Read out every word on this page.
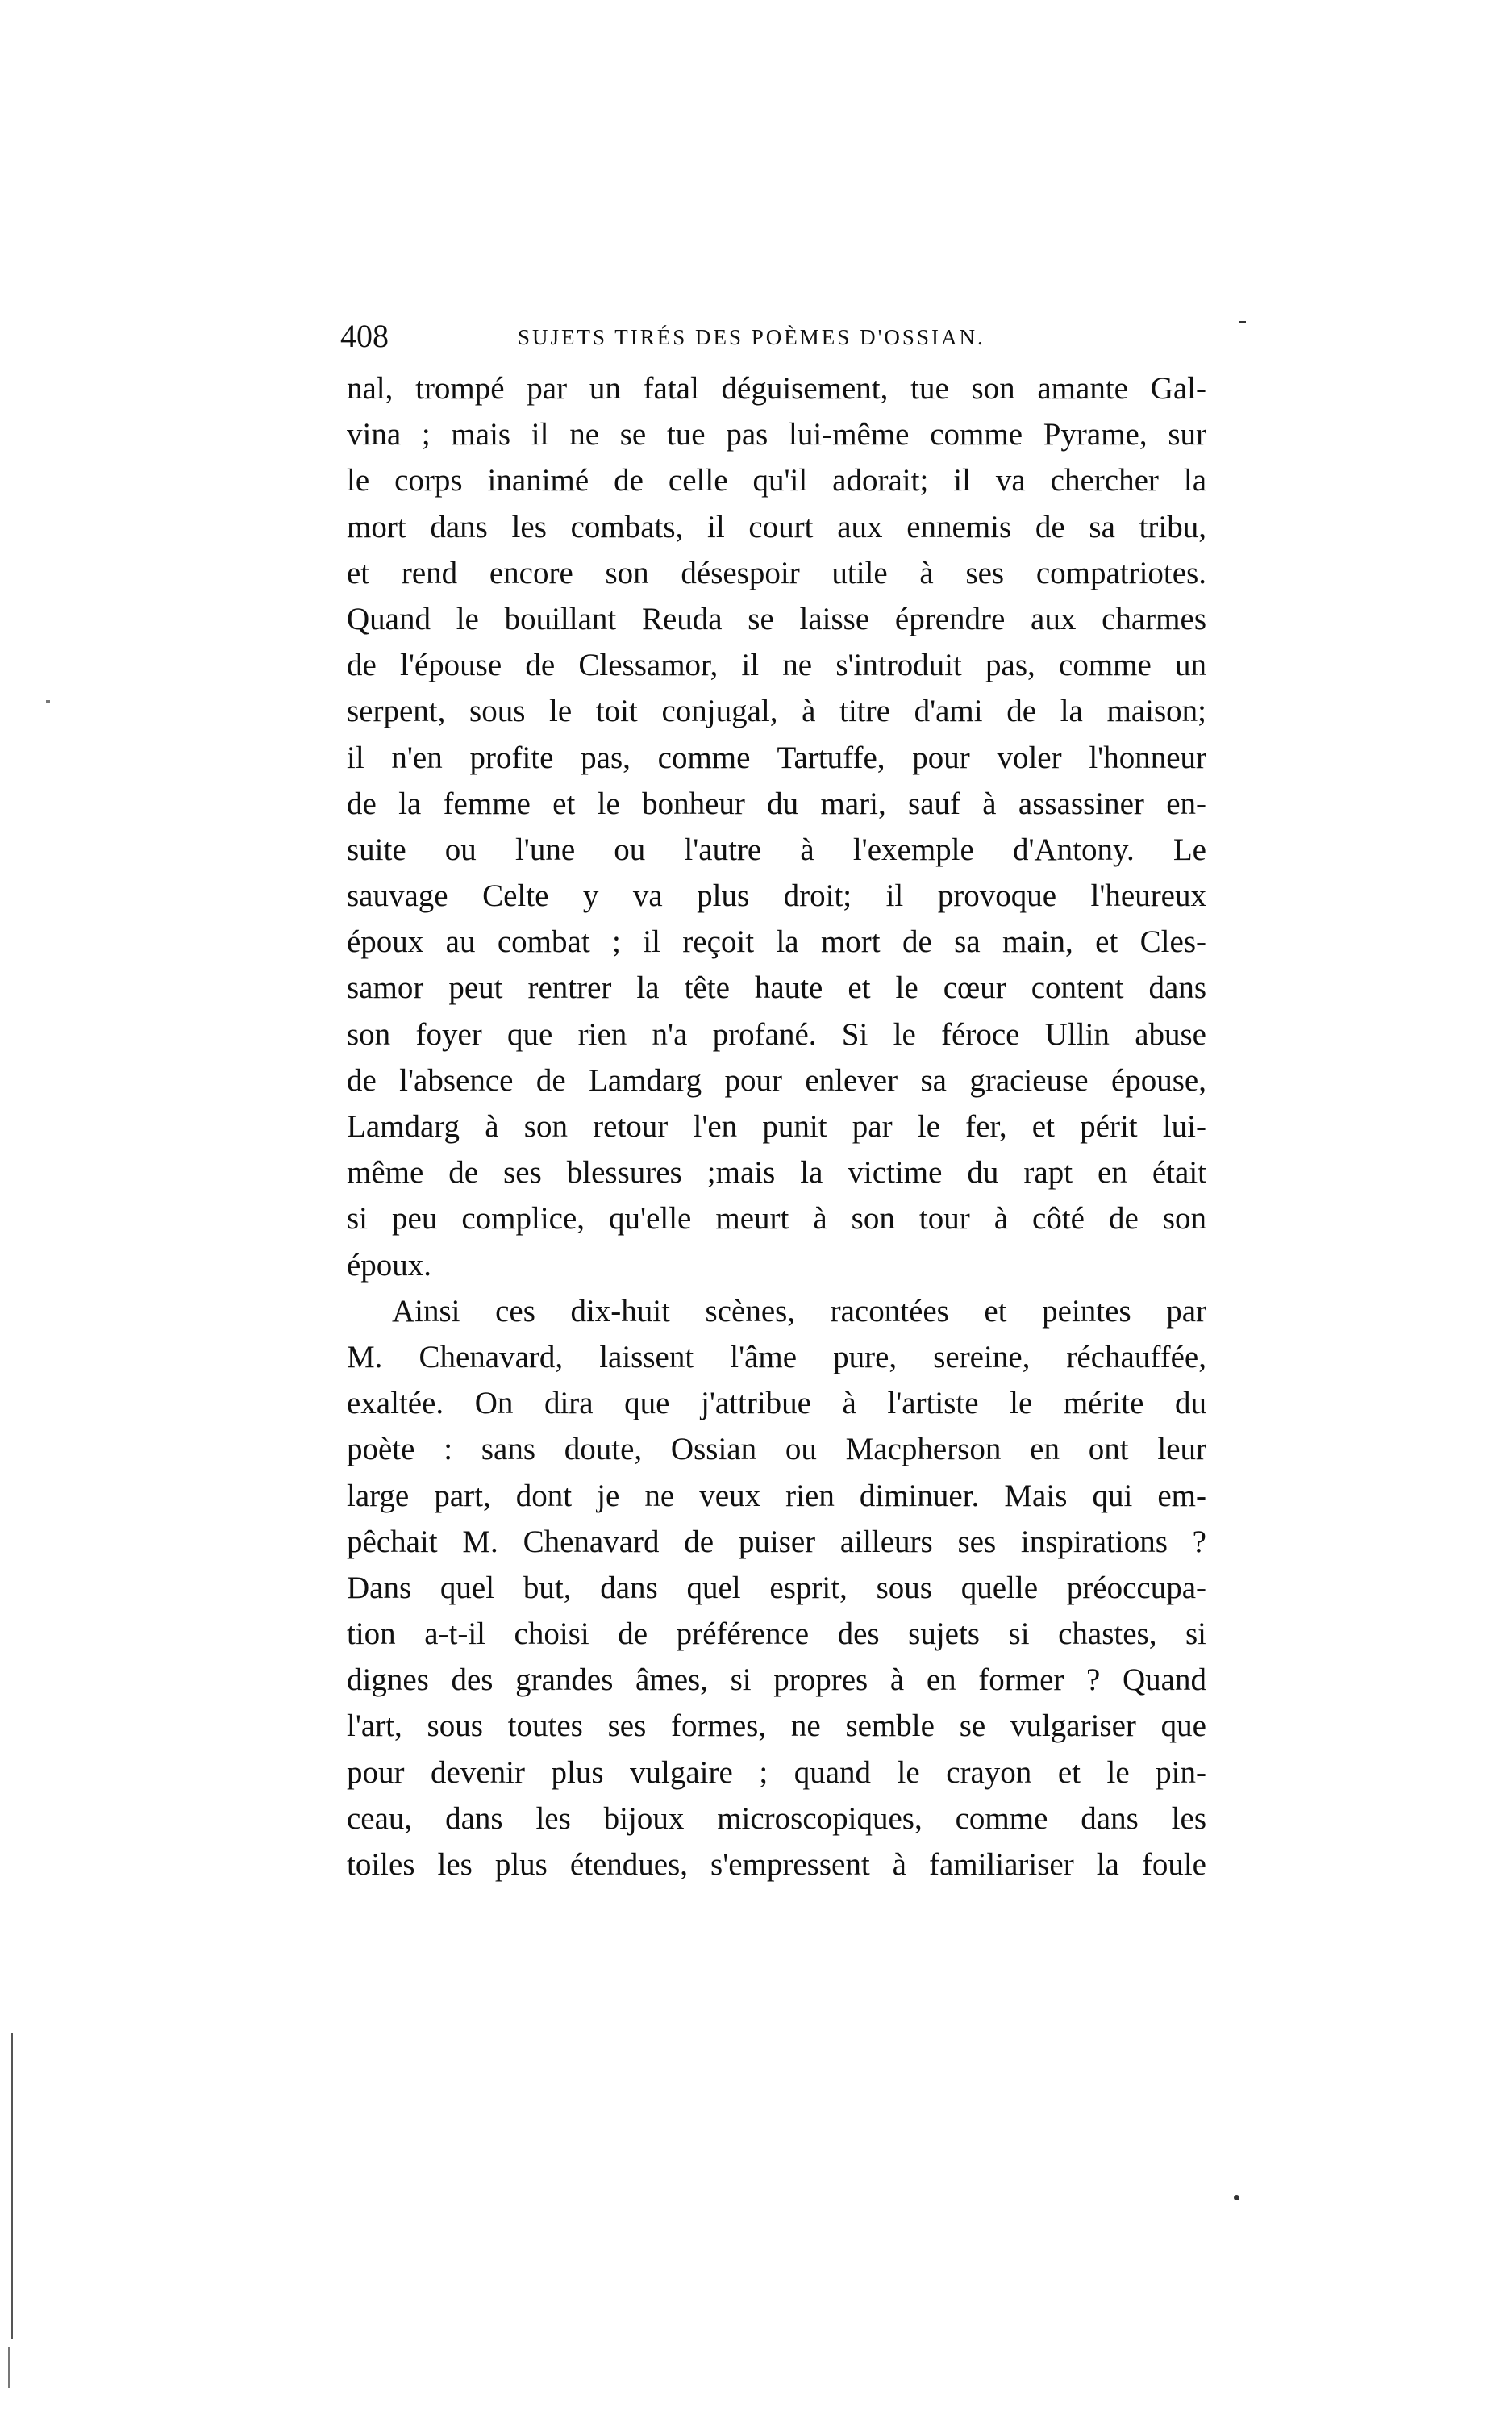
408	SUJETS TIRÉS DES POÈMES D'OSSIAN.
nal, trompé par un fatal déguisement, tue son amante Gal-
vina ; mais il ne se tue pas lui-même comme Pyrame, sur
le corps inanimé de celle qu'il adorait; il va chercher la
mort dans les combats, il court aux ennemis de sa tribu,
et rend encore son désespoir utile à ses compatriotes.
Quand le bouillant Reuda se laisse éprendre aux charmes
de l'épouse de Clessamor, il ne s'introduit pas, comme un
serpent, sous le toit conjugal, à titre d'ami de la maison;
il n'en profite pas, comme Tartuffe, pour voler l'honneur
de la femme et le bonheur du mari, sauf à assassiner en-
suite ou l'une ou l'autre à l'exemple d'Antony. Le
sauvage Celte y va plus droit; il provoque l'heureux
époux au combat ; il reçoit la mort de sa main, et Cles-
samor peut rentrer la tête haute et le cœur content dans
son foyer que rien n'a profané. Si le féroce Ullin abuse
de l'absence de Lamdarg pour enlever sa gracieuse épouse,
Lamdarg à son retour l'en punit par le fer, et périt lui-
même de ses blessures ;mais la victime du rapt en était
si peu complice, qu'elle meurt à son tour à côté de son
époux.
Ainsi ces dix-huit scènes, racontées et peintes par
M. Chenavard, laissent l'âme pure, sereine, réchauffée,
exaltée. On dira que j'attribue à l'artiste le mérite du
poète : sans doute, Ossian ou Macpherson en ont leur
large part, dont je ne veux rien diminuer. Mais qui em-
pêchait M. Chenavard de puiser ailleurs ses inspirations ?
Dans quel but, dans quel esprit, sous quelle préoccupa-
tion a-t-il choisi de préférence des sujets si chastes, si
dignes des grandes âmes, si propres à en former ? Quand
l'art, sous toutes ses formes, ne semble se vulgariser que
pour devenir plus vulgaire ; quand le crayon et le pin-
ceau, dans les bijoux microscopiques, comme dans les
toiles les plus étendues, s'empressent à familiariser la foule
